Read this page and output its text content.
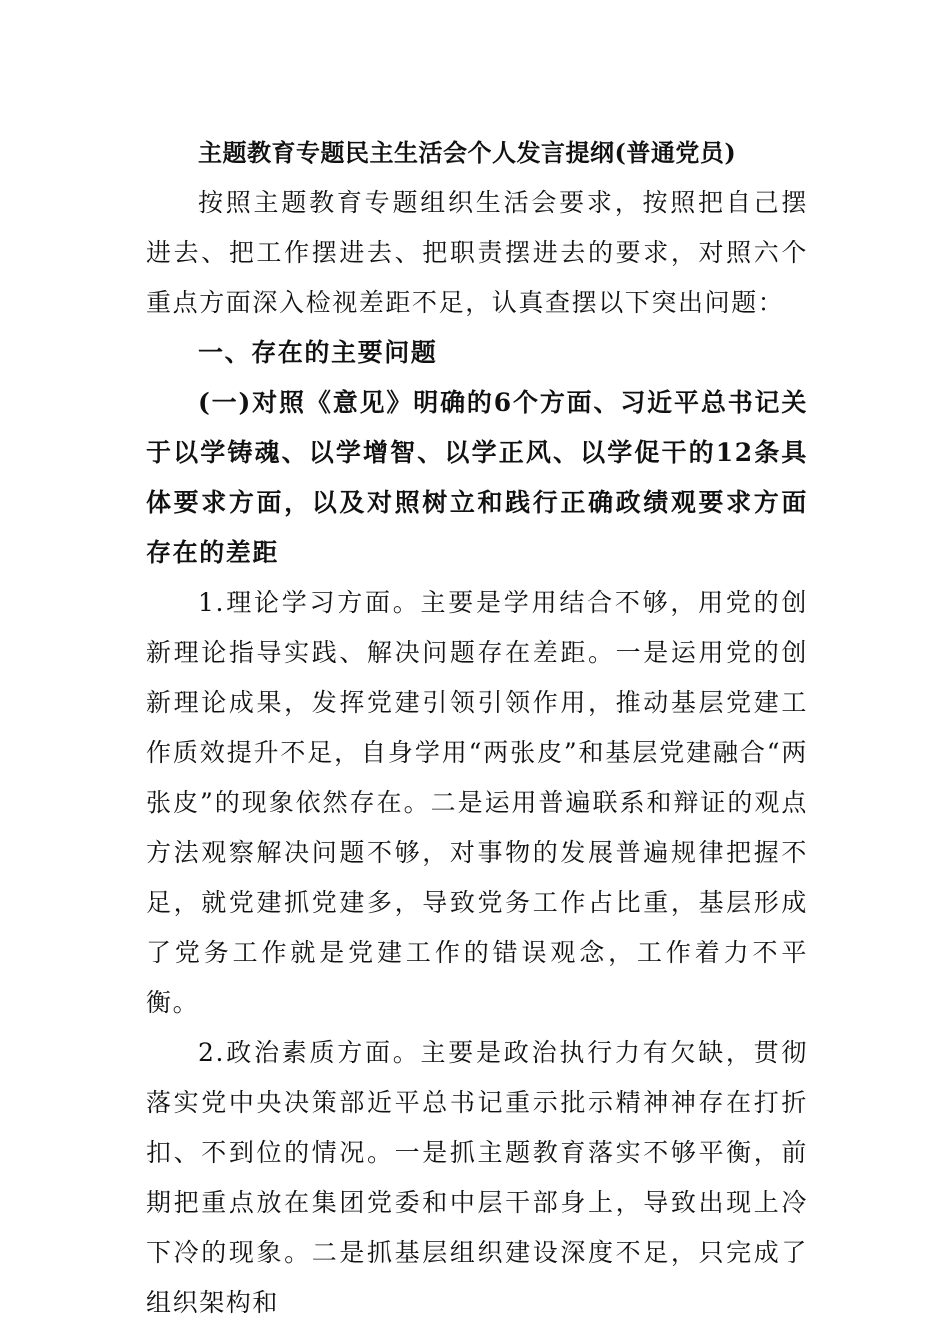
主题教育专题民主生活会个人发言提纲(普通党员)

按照主题教育专题组织生活会要求，按照把自己摆进去、把工作摆进去、把职责摆进去的要求，对照六个重点方面深入检视差距不足，认真查摆以下突出问题：

一、存在的主要问题

(一)对照《意见》明确的6个方面、习近平总书记关于以学铸魂、以学增智、以学正风、以学促干的12条具体要求方面，以及对照树立和践行正确政绩观要求方面存在的差距

1.理论学习方面。主要是学用结合不够，用党的创新理论指导实践、解决问题存在差距。一是运用党的创新理论成果，发挥党建引领引领作用，推动基层党建工作质效提升不足，自身学用“两张皮”和基层党建融合“两张皮”的现象依然存在。二是运用普遍联系和辩证的观点方法观察解决问题不够，对事物的发展普遍规律把握不足，就党建抓党建多，导致党务工作占比重，基层形成了党务工作就是党建工作的错误观念，工作着力不平衡。

2.政治素质方面。主要是政治执行力有欠缺，贯彻落实党中央决策部近平总书记重示批示精神神存在打折扣、不到位的情况。一是抓主题教育落实不够平衡，前期把重点放在集团党委和中层干部身上，导致出现上冷下冷的现象。二是抓基层组织建设深度不足，只完成了组织架构和
